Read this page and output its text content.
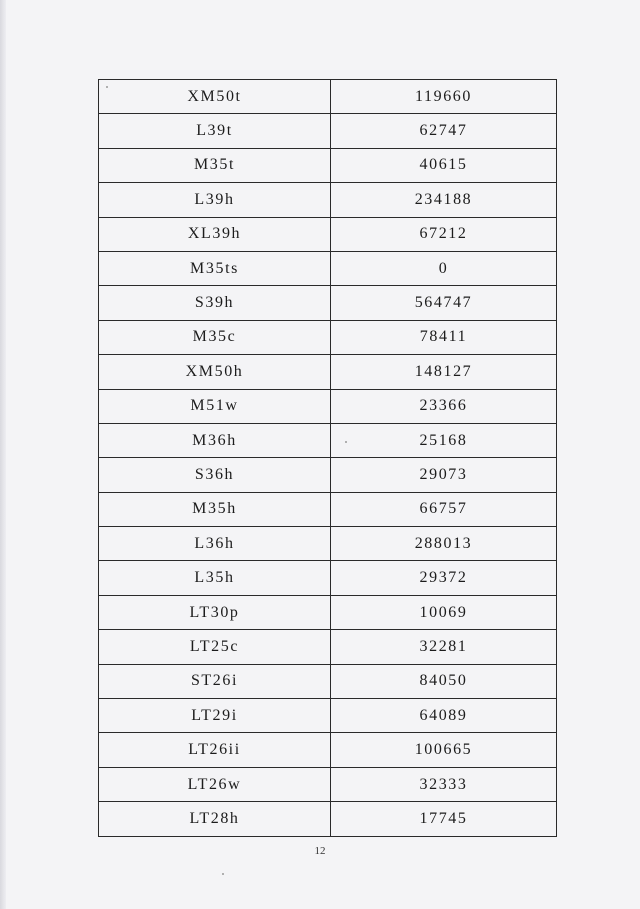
XM50t	119660
L39t	62747
M35t	40615
L39h	234188
XL39h	67212
M35ts	0
S39h	564747
M35c	78411
XM50h	148127
M51w	23366
M36h	25168
S36h	29073
M35h	66757
L36h	288013
L35h	29372
LT30p	10069
LT25c	32281
ST26i	84050
LT29i	64089
LT26ii	100665
LT26w	32333
LT28h	17745
12
